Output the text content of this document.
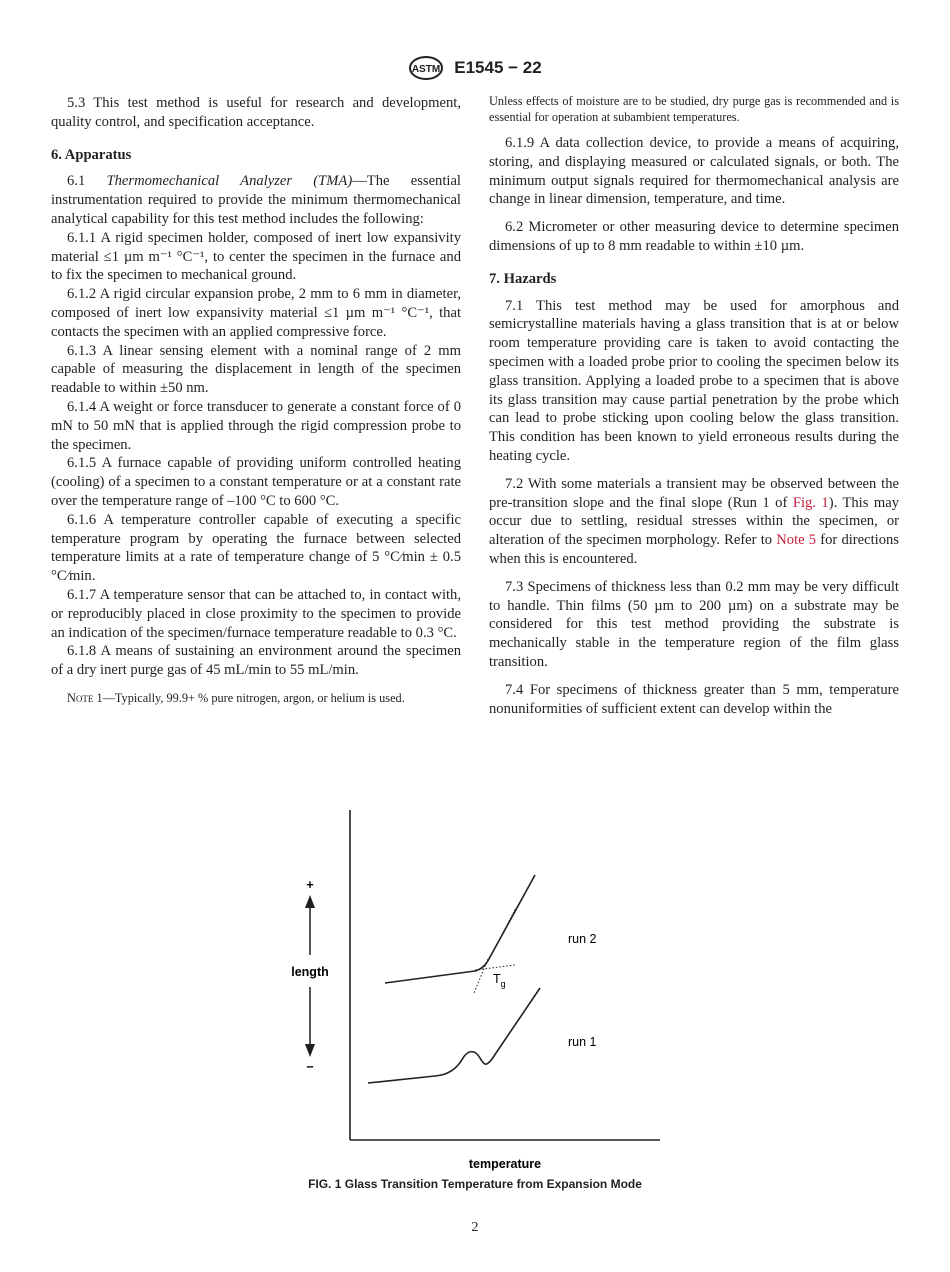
ASTM E1545 − 22

5.3 This test method is useful for research and development, quality control, and specification acceptance.

6. Apparatus

6.1 Thermomechanical Analyzer (TMA)—The essential instrumentation required to provide the minimum thermomechanical analytical capability for this test method includes the following:

6.1.1 A rigid specimen holder, composed of inert low expansivity material ≤1 µm m⁻¹ °C⁻¹, to center the specimen in the furnace and to fix the specimen to mechanical ground.

6.1.2 A rigid circular expansion probe, 2 mm to 6 mm in diameter, composed of inert low expansivity material ≤1 µm m⁻¹ °C⁻¹, that contacts the specimen with an applied compressive force.

6.1.3 A linear sensing element with a nominal range of 2 mm capable of measuring the displacement in length of the specimen readable to within ±50 nm.

6.1.4 A weight or force transducer to generate a constant force of 0 mN to 50 mN that is applied through the rigid compression probe to the specimen.

6.1.5 A furnace capable of providing uniform controlled heating (cooling) of a specimen to a constant temperature or at a constant rate over the temperature range of –100 °C to 600 °C.

6.1.6 A temperature controller capable of executing a specific temperature program by operating the furnace between selected temperature limits at a rate of temperature change of 5 °C⁄min ± 0.5 °C⁄min.

6.1.7 A temperature sensor that can be attached to, in contact with, or reproducibly placed in close proximity to the specimen to provide an indication of the specimen/furnace temperature readable to 0.3 °C.

6.1.8 A means of sustaining an environment around the specimen of a dry inert purge gas of 45 mL/min to 55 mL/min.

Note 1—Typically, 99.9+ % pure nitrogen, argon, or helium is used.

Unless effects of moisture are to be studied, dry purge gas is recommended and is essential for operation at subambient temperatures.

6.1.9 A data collection device, to provide a means of acquiring, storing, and displaying measured or calculated signals, or both. The minimum output signals required for thermomechanical analysis are change in linear dimension, temperature, and time.

6.2 Micrometer or other measuring device to determine specimen dimensions of up to 8 mm readable to within ±10 µm.

7. Hazards

7.1 This test method may be used for amorphous and semicrystalline materials having a glass transition that is at or below room temperature providing care is taken to avoid contacting the specimen with a loaded probe prior to cooling the specimen below its glass transition. Applying a loaded probe to a specimen that is above its glass transition may cause partial penetration by the probe which can lead to probe sticking upon cooling below the glass transition. This condition has been known to yield erroneous results during the heating cycle.

7.2 With some materials a transient may be observed between the pre-transition slope and the final slope (Run 1 of Fig. 1). This may occur due to settling, residual stresses within the specimen, or alteration of the specimen morphology. Refer to Note 5 for directions when this is encountered.

7.3 Specimens of thickness less than 0.2 mm may be very difficult to handle. Thin films (50 µm to 200 µm) on a substrate may be considered for this test method providing the substrate is mechanically stable in the temperature region of the film glass transition.

7.4 For specimens of thickness greater than 5 mm, temperature nonuniformities of sufficient extent can develop within the

+
length
−
$T_g$
run 2
run 1
temperature
FIG. 1 Glass Transition Temperature from Expansion Mode
2
